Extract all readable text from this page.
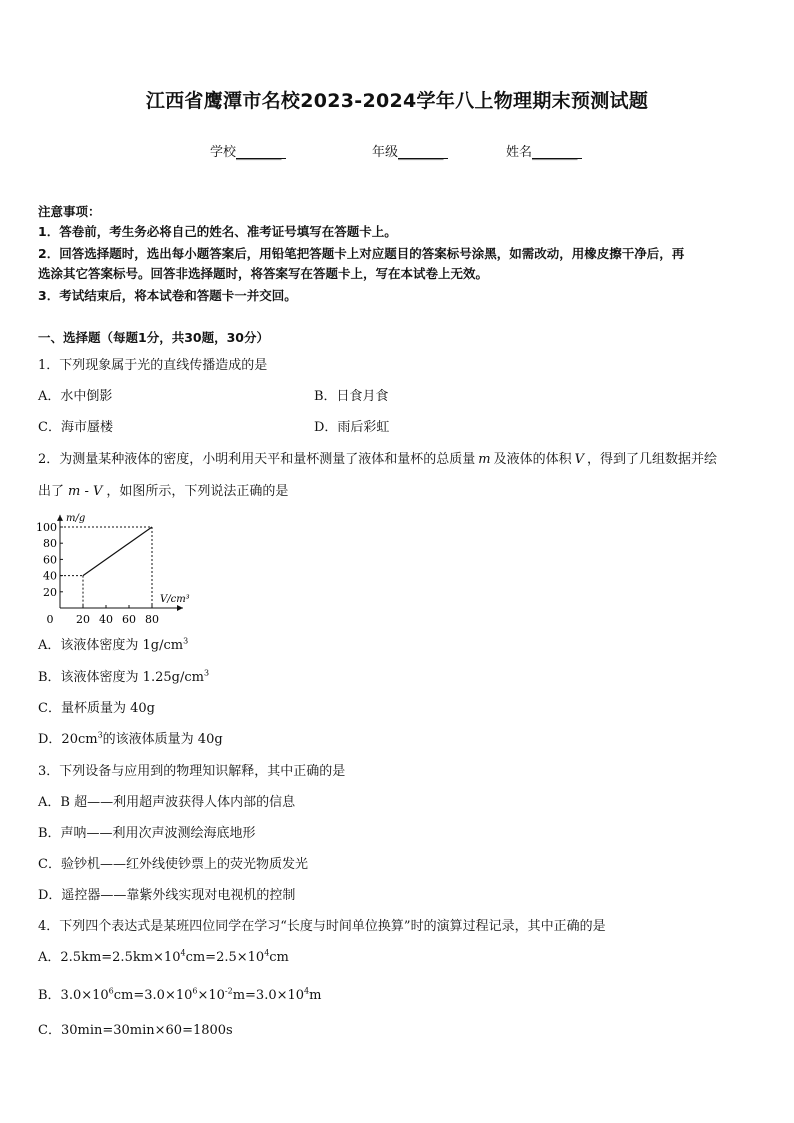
江西省鹰潭市名校2023-2024学年八上物理期末预测试题
学校_______	年级_______	姓名_______
注意事项：
1．答卷前，考生务必将自己的姓名、准考证号填写在答题卡上。
2．回答选择题时，选出每小题答案后，用铅笔把答题卡上对应题目的答案标号涂黑，如需改动，用橡皮擦干净后，再
选涂其它答案标号。回答非选择题时，将答案写在答题卡上，写在本试卷上无效。
3．考试结束后，将本试卷和答题卡一并交回。
一、选择题（每题1分，共30题，30分）
1．下列现象属于光的直线传播造成的是
A．水中倒影	B．日食月食
C．海市蜃楼	D．雨后彩虹
2．为测量某种液体的密度，小明利用天平和量杯测量了液体和量杯的总质量 m 及液体的体积 V ，得到了几组数据并绘
出了 m - V ，如图所示，下列说法正确的是
m/g
V/cm³
0 20 40 60 80
20
40
60
80
100
A．该液体密度为 $1g/cm^3$
B．该液体密度为 $1.25g/cm^3$
C．量杯质量为 40g
D．$20cm^3$的该液体质量为 40g
3．下列设备与应用到的物理知识解释，其中正确的是
A．B 超——利用超声波获得人体内部的信息
B．声呐——利用次声波测绘海底地形
C．验钞机——红外线使钞票上的荧光物质发光
D．遥控器——靠紫外线实现对电视机的控制
4．下列四个表达式是某班四位同学在学习“长度与时间单位换算”时的演算过程记录，其中正确的是
A．$2.5km=2.5km\times 10^4cm=2.5\times 10^4cm$
B．$3.0\times 10^6cm=3.0\times 10^6\times 10^{-2}m=3.0\times 10^4m$
C．30min=30min×60=1800s
